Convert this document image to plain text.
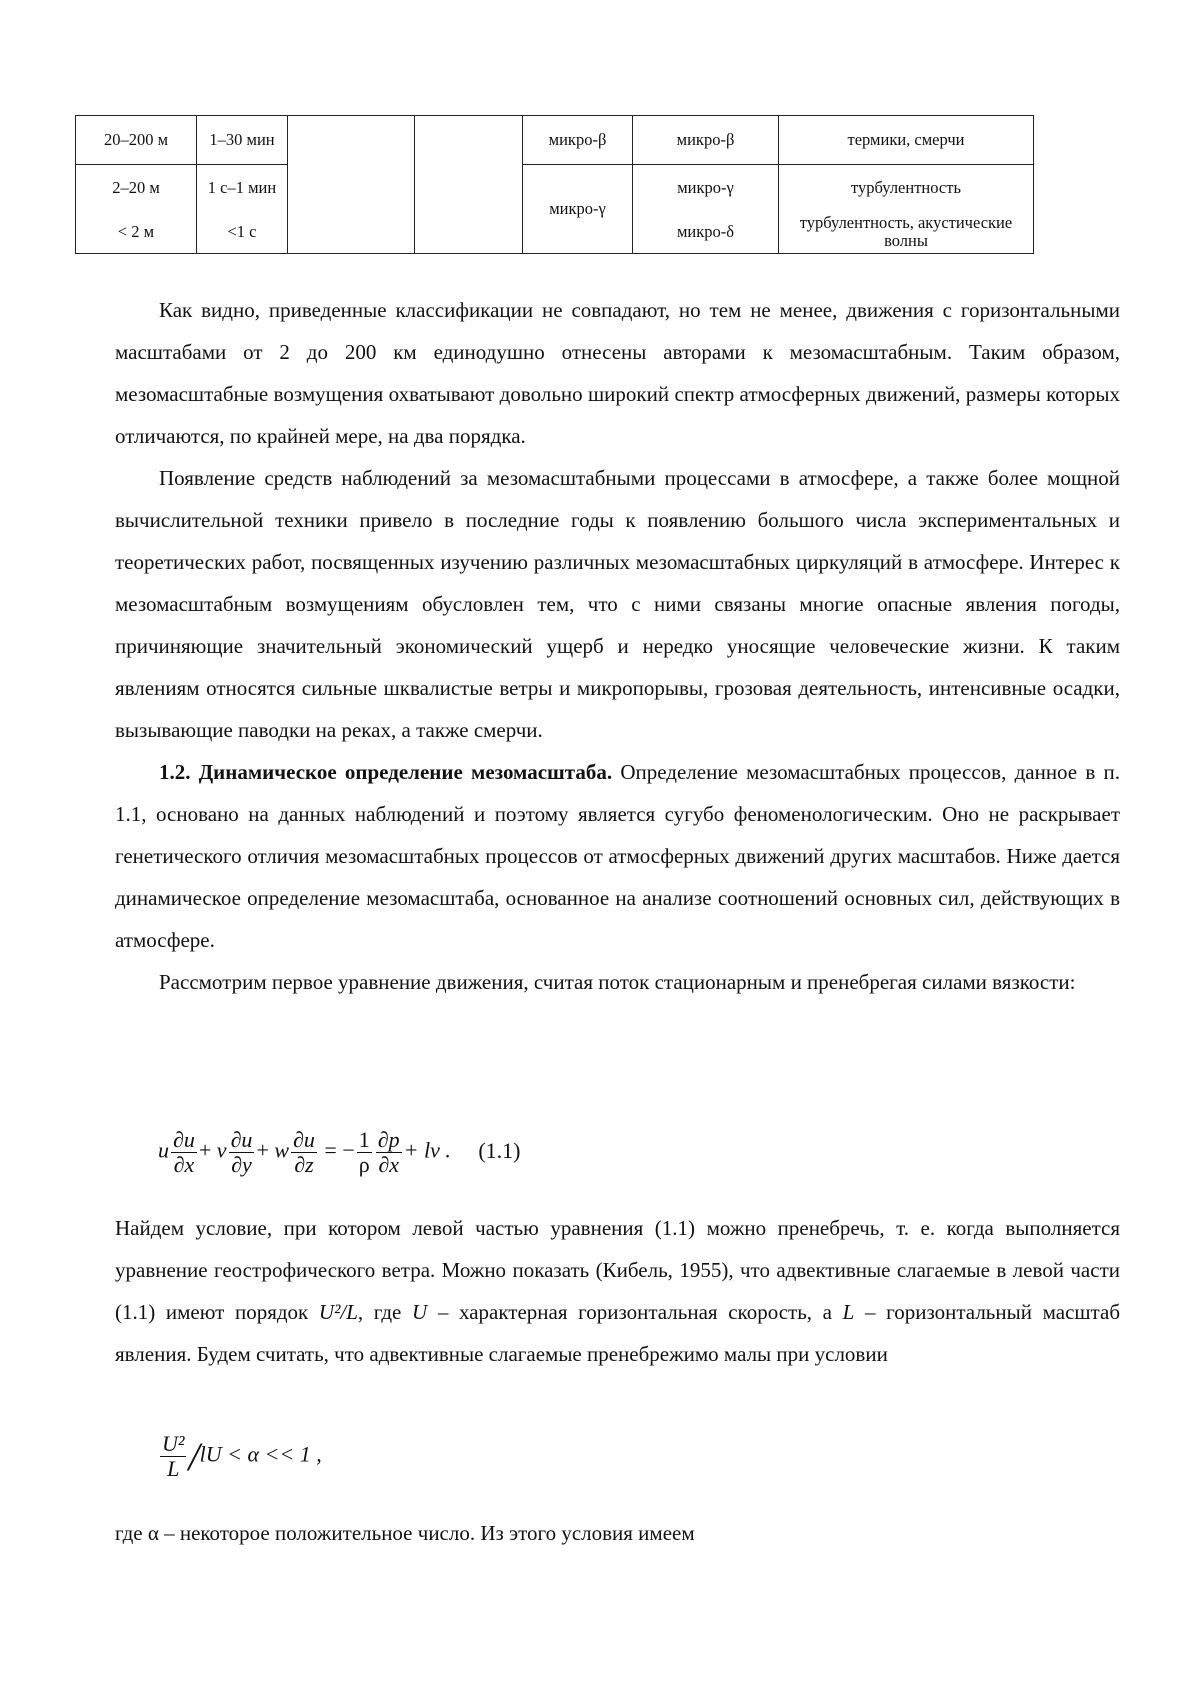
20–200 м	1–30 мин			микро-β	микро-β	термики, смерчи
2–20 м	1 с–1 мин			микро-γ	микро-γ	турбулентность
< 2 м	<1 с			микро-δ	турбулентность, акустические волны

Как видно, приведенные классификации не совпадают, но тем не менее, движения с горизонтальными масштабами от 2 до 200 км единодушно отнесены авторами к мезомасштабным. Таким образом, мезомасштабные возмущения охватывают довольно широкий спектр атмосферных движений, размеры которых отличаются, по крайней мере, на два порядка.

Появление средств наблюдений за мезомасштабными процессами в атмосфере, а также более мощной вычислительной техники привело в последние годы к появлению большого числа экспериментальных и теоретических работ, посвященных изучению различных мезомасштабных циркуляций в атмосфере. Интерес к мезомасштабным возмущениям обусловлен тем, что с ними связаны многие опасные явления погоды, причиняющие значительный экономический ущерб и нередко уносящие человеческие жизни. К таким явлениям относятся сильные шквалистые ветры и микропорывы, грозовая деятельность, интенсивные осадки, вызывающие паводки на реках, а также смерчи.

1.2. Динамическое определение мезомасштаба. Определение мезомасштабных процессов, данное в п. 1.1, основано на данных наблюдений и поэтому является сугубо феноменологическим. Оно не раскрывает генетического отличия мезомасштабных процессов от атмосферных движений других масштабов. Ниже дается динамическое определение мезомасштаба, основанное на анализе соотношений основных сил, действующих в атмосфере.

Рассмотрим первое уравнение движения, считая поток стационарным и пренебрегая силами вязкости:

u ∂u
∂x
+ v ∂u
∂y
+ w ∂u
∂z
= − 1
ρ
∂p
∂x
+ lv . (1.1)

Найдем условие, при котором левой частью уравнения (1.1) можно пренебречь, т. е. когда выполняется уравнение геострофического ветра. Можно показать (Кибель, 1955), что адвективные слагаемые в левой части (1.1) имеют порядок U²/L, где U – характерная горизонтальная скорость, а L – горизонтальный масштаб явления. Будем считать, что адвективные слагаемые пренебрежимо малы при условии

U²
L /lU < α << 1 ,

где α – некоторое положительное число. Из этого условия имеем
